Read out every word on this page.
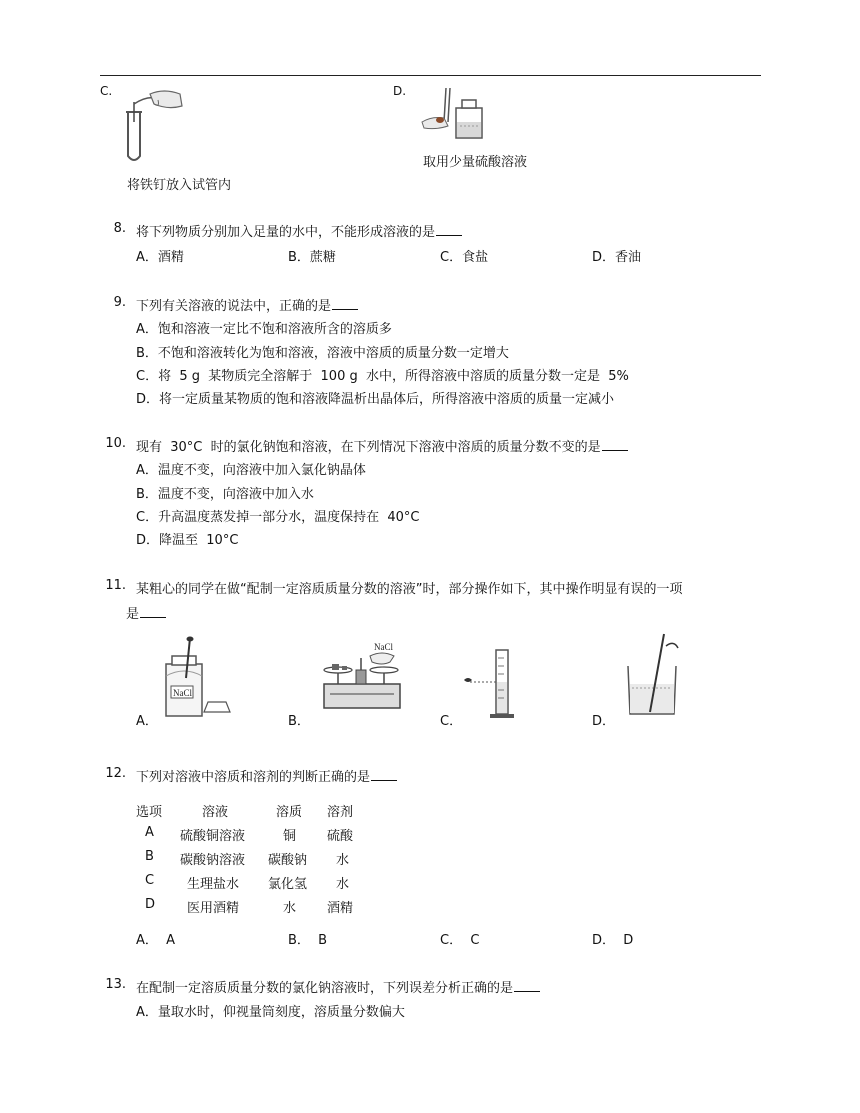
C.
将铁钉放入试管内
D.
取用少量硫酸溶液
8. 将下列物质分别加入足量的水中，不能形成溶液的是
A．酒精	B．蔗糖	C．食盐	D．香油
9. 下列有关溶液的说法中，正确的是
A．饱和溶液一定比不饱和溶液所含的溶质多
B．不饱和溶液转化为饱和溶液，溶液中溶质的质量分数一定增大
C．将  5 g  某物质完全溶解于  100 g  水中，所得溶液中溶质的质量分数一定是  5%
D．将一定质量某物质的饱和溶液降温析出晶体后，所得溶液中溶质的质量一定减小
10. 现有  30°C  时的氯化钠饱和溶液，在下列情况下溶液中溶质的质量分数不变的是
A．温度不变，向溶液中加入氯化钠晶体
B．温度不变，向溶液中加入水
C．升高温度蒸发掉一部分水，温度保持在  40°C
D．降温至  10°C
11. 某粗心的同学在做“配制一定溶质质量分数的溶液”时，部分操作如下，其中操作明显有误的一项
是
NaCl
A．
NaCl
B．	C．	D．
12. 下列对溶液中溶质和溶剂的判断正确的是
选项	溶液	溶质 溶剂
A 硫酸铜溶液	铜 硫酸
B 碳酸钠溶液 碳酸钠 水
C	生理盐水 氯化氢 水
D 医用酒精	水 酒精
A．  A	B．  B	C．  C	D．  D
13. 在配制一定溶质质量分数的氯化钠溶液时，下列误差分析正确的是
A．量取水时，仰视量筒刻度，溶质量分数偏大
